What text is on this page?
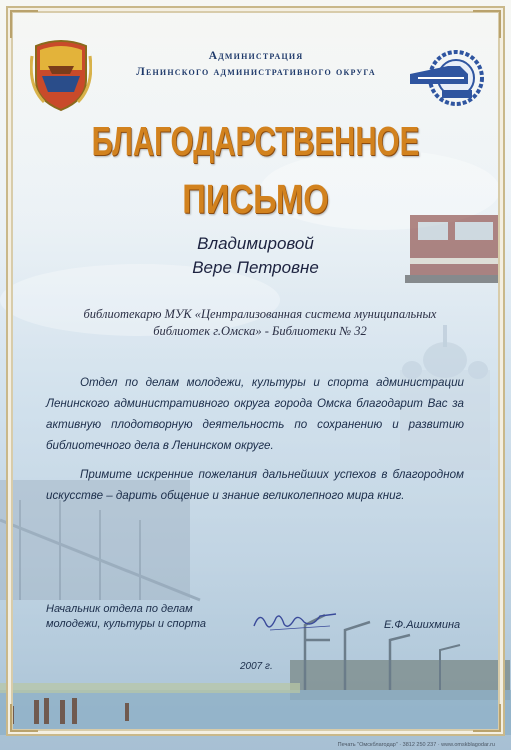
Администрация
Ленинского административного округа
БЛАГОДАРСТВЕННОЕ
ПИСЬМО
Владимировой
Вере Петровне
библиотекарю МУК «Централизованная система муниципальных
библиотек г.Омска» - Библиотеки № 32

Отдел по делам молодежи, культуры и спорта администрации Ленинского административного округа города Омска благодарит Вас за активную плодотворную деятельность по сохранению и развитию библиотечного дела в Ленинском округе.

Примите искренние пожелания дальнейших успехов в благородном искусстве – дарить общение и знание великолепного мира книг.

Начальник отдела по делам
молодежи, культуры и спорта	Е.Ф.Ашихмина
2007 г.
Печать "Омскблагодар" · 3812 250 237 · www.omskblagodar.ru
